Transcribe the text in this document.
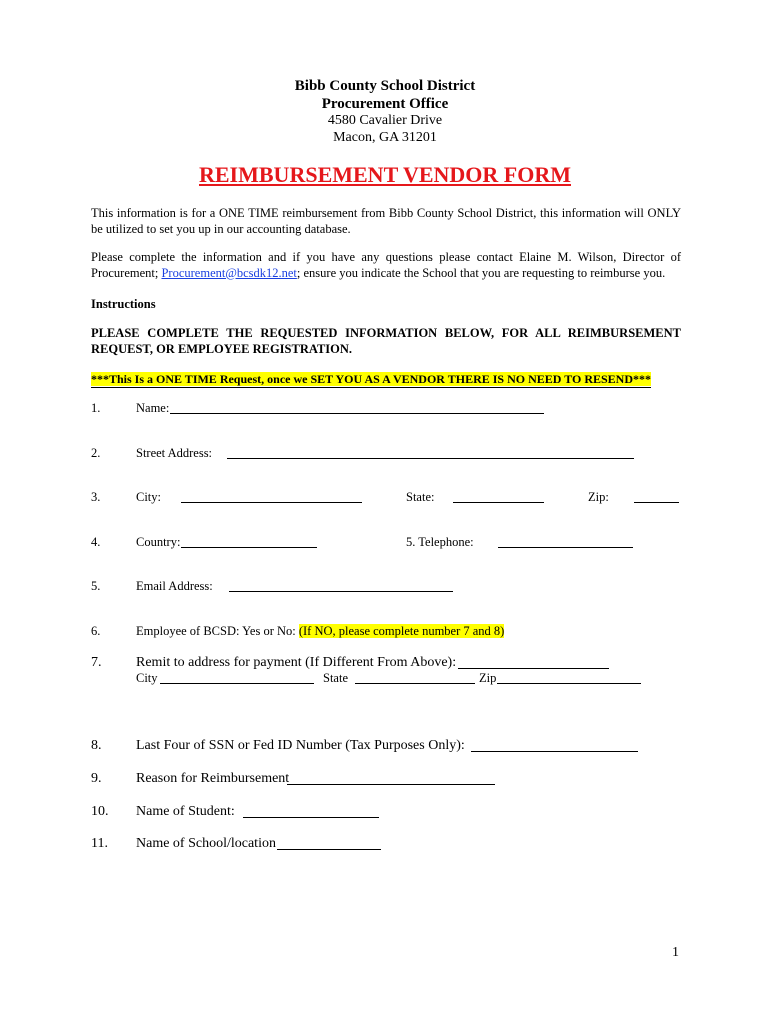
Bibb County School District
Procurement Office
4580 Cavalier Drive
Macon, GA 31201
REIMBURSEMENT VENDOR FORM
This information is for a ONE TIME reimbursement from Bibb County School District, this information will ONLY be utilized to set you up in our accounting database.
Please complete the information and if you have any questions please contact Elaine M. Wilson, Director of Procurement; Procurement@bcsdk12.net; ensure you indicate the School that you are requesting to reimburse you.
Instructions
PLEASE COMPLETE THE REQUESTED INFORMATION BELOW, FOR ALL REIMBURSEMENT REQUEST, OR EMPLOYEE REGISTRATION.
***This Is a ONE TIME Request, once we SET YOU AS A VENDOR THERE IS NO NEED TO RESEND***
1.	Name:
2.	Street Address:
3.	City:	State:	Zip:
4.	Country:	5. Telephone:
5.	Email Address:
6.	Employee of BCSD: Yes or No: (If NO, please complete number 7 and 8)
7. Remit to address for payment (If Different From Above):
City	State	Zip
8. Last Four of SSN or Fed ID Number (Tax Purposes Only):
9. Reason for Reimbursement
10. Name of Student:
11. Name of School/location
1
